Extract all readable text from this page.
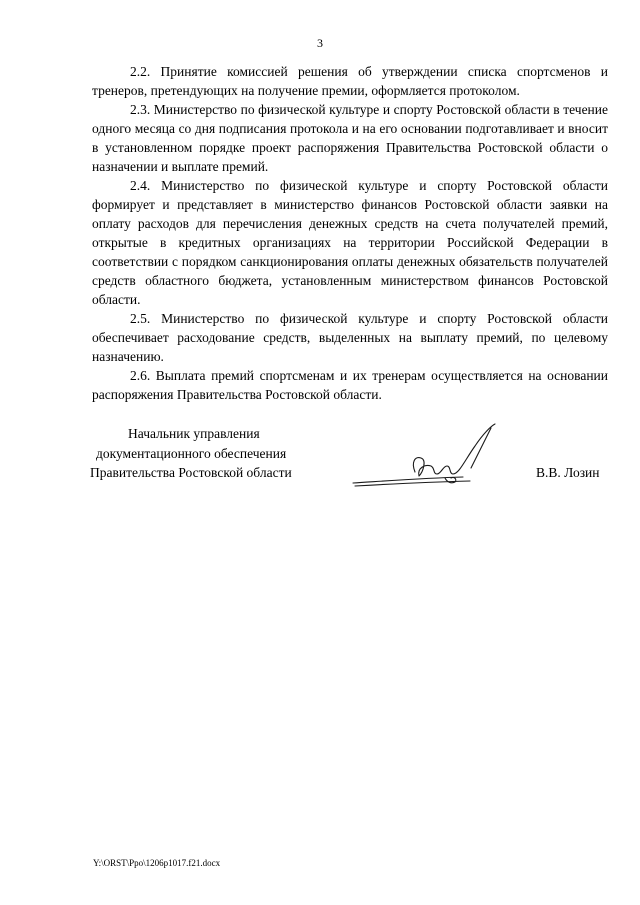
3

2.2. Принятие комиссией решения об утверждении списка спортсменов и тренеров, претендующих на получение премии, оформляется протоколом.

2.3. Министерство по физической культуре и спорту Ростовской области в течение одного месяца со дня подписания протокола и на его основании подготавливает и вносит в установленном порядке проект распоряжения Правительства Ростовской области о назначении и выплате премий.

2.4. Министерство по физической культуре и спорту Ростовской области формирует и представляет в министерство финансов Ростовской области заявки на оплату расходов для перечисления денежных средств на счета получателей премий, открытые в кредитных организациях на территории Российской Федерации в соответствии с порядком санкционирования оплаты денежных обязательств получателей средств областного бюджета, установленным министерством финансов Ростовской области.

2.5. Министерство по физической культуре и спорту Ростовской области обеспечивает расходование средств, выделенных на выплату премий, по целевому назначению.

2.6. Выплата премий спортсменам и их тренерам осуществляется на основании распоряжения Правительства Ростовской области.

Начальник управления
документационного обеспечения
Правительства Ростовской области	В.В. Лозин
Y:\ORST\Ppo\1206p1017.f21.docx
